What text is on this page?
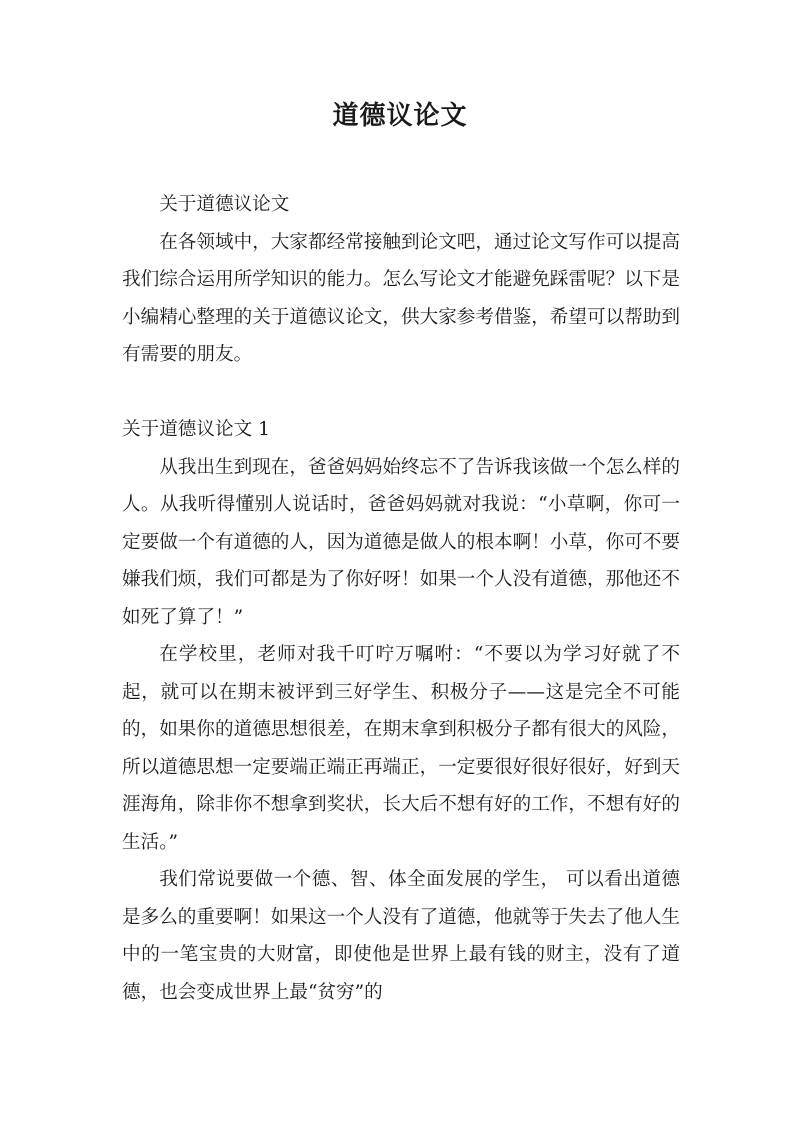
道德议论文

关于道德议论文

在各领域中，大家都经常接触到论文吧，通过论文写作可以提高我们综合运用所学知识的能力。怎么写论文才能避免踩雷呢？以下是小编精心整理的关于道德议论文，供大家参考借鉴，希望可以帮助到有需要的朋友。

关于道德议论文 1

从我出生到现在，爸爸妈妈始终忘不了告诉我该做一个怎么样的人。从我听得懂别人说话时，爸爸妈妈就对我说：“小草啊，你可一定要做一个有道德的人，因为道德是做人的根本啊！小草，你可不要嫌我们烦，我们可都是为了你好呀！如果一个人没有道德，那他还不如死了算了！”

在学校里，老师对我千叮咛万嘱咐：“不要以为学习好就了不起，就可以在期末被评到三好学生、积极分子——这是完全不可能的，如果你的道德思想很差，在期末拿到积极分子都有很大的风险，所以道德思想一定要端正端正再端正，一定要很好很好很好，好到天涯海角，除非你不想拿到奖状，长大后不想有好的工作，不想有好的生活。”

我们常说要做一个德、智、体全面发展的学生， 可以看出道德是多么的重要啊！如果这一个人没有了道德，他就等于失去了他人生中的一笔宝贵的大财富，即使他是世界上最有钱的财主，没有了道德，也会变成世界上最“贫穷”的
